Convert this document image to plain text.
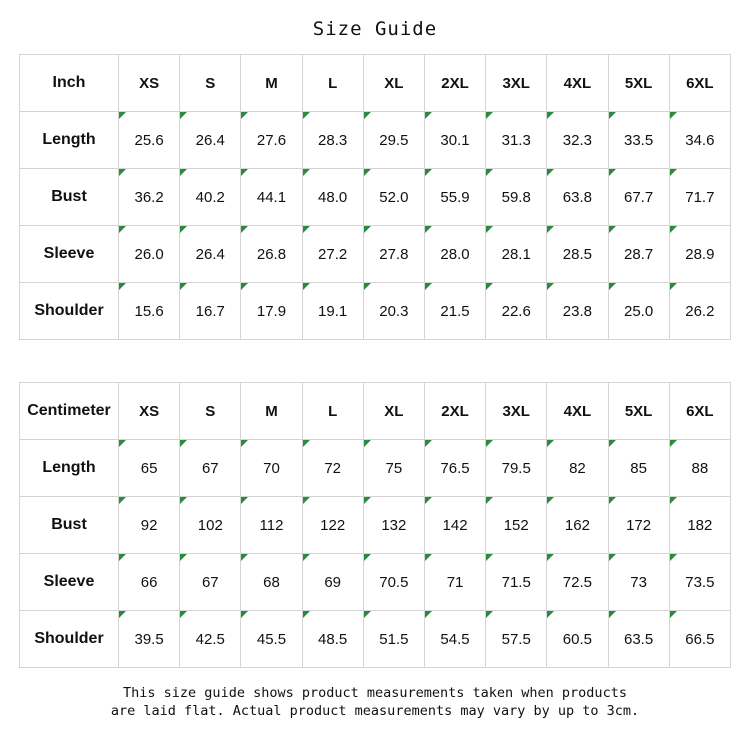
Size Guide
Inch	XS	S	M	L	XL	2XL	3XL	4XL	5XL	6XL
Length	25.6	26.4	27.6	28.3	29.5	30.1	31.3	32.3	33.5	34.6
Bust	36.2	40.2	44.1	48.0	52.0	55.9	59.8	63.8	67.7	71.7
Sleeve	26.0	26.4	26.8	27.2	27.8	28.0	28.1	28.5	28.7	28.9
Shoulder	15.6	16.7	17.9	19.1	20.3	21.5	22.6	23.8	25.0	26.2
Centimeter	XS	S	M	L	XL	2XL	3XL	4XL	5XL	6XL
Length	65	67	70	72	75	76.5	79.5	82	85	88
Bust	92	102	112	122	132	142	152	162	172	182
Sleeve	66	67	68	69	70.5	71	71.5	72.5	73	73.5
Shoulder	39.5	42.5	45.5	48.5	51.5	54.5	57.5	60.5	63.5	66.5
This size guide shows product measurements taken when products
are laid flat. Actual product measurements may vary by up to 3cm.
